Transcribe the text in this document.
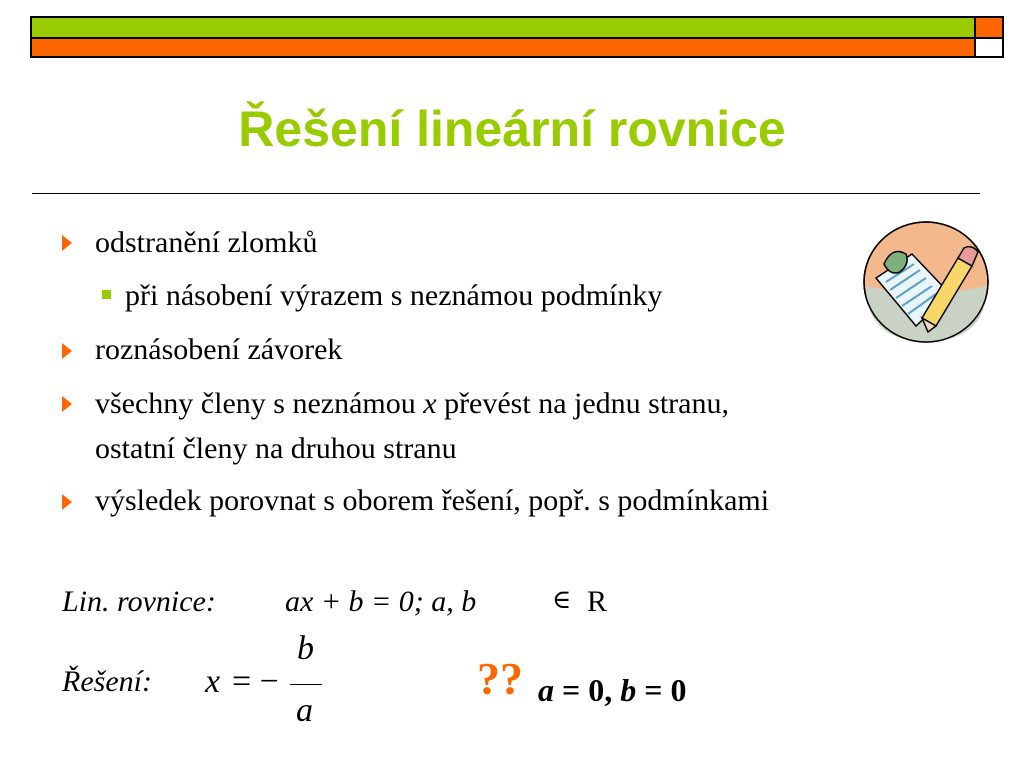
Řešení lineární rovnice
odstranění zlomků
při násobení výrazem s neznámou podmínky
roznásobení závorek
všechny členy s neznámou x převést na jednu stranu,
ostatní členy na druhou stranu
výsledek porovnat s oborem řešení, popř. s podmínkami
Lin. rovnice: ax + b = 0; a, b	∈ R
Řešení: x = −
b
a
?? a = 0, b = 0
